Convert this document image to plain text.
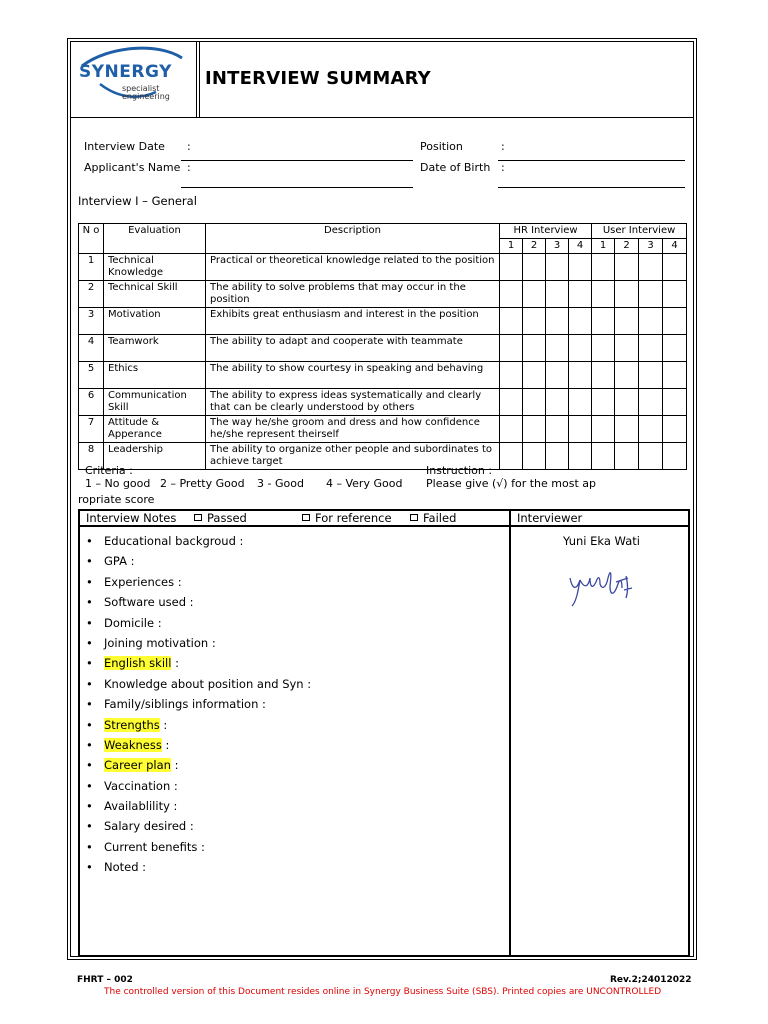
SYNERGY
specialist
engineering
INTERVIEW SUMMARY
Interview Date :
Applicant's Name :
Position	:
Date of Birth :
Interview I – General
N o	Evaluation	Description	HR Interview				User Interview			
			1	2	3	4	1	2	3	4
1	Technical Knowledge	Practical or theoretical knowledge related to the position								
2	Technical Skill	The ability to solve problems that may occur in the position								
3	Motivation	Exhibits great enthusiasm and interest in the position								
4	Teamwork	The ability to adapt and cooperate with teammate								
5	Ethics	The ability to show courtesy in speaking and behaving								
6	Communication Skill	The ability to express ideas systematically and clearly that can be clearly understood by others								
7	Attitude & Apperance	The way he/she groom and dress and how confidence he/she represent theirself								
8	Leadership	The ability to organize other people and subordinates to achieve target								
Criteria :
1 – No good 2 – Pretty Good 3 - Good 4 – Very Good
Instruction :
Please give (√) for the most ap
ropriate score
Interview Notes	Passed	For reference	Failed	Interviewer
• Educational backgroud :
• GPA :
• Experiences :
• Software used :
• Domicile :
• Joining motivation :
• English skill :
• Knowledge about position and Syn :
• Family/siblings information :
• Strengths :
• Weakness :
• Career plan :
• Vaccination :
• Availablility :
• Salary desired :
• Current benefits :
• Noted :
Yuni Eka Wati
FHRT – 002	Rev.2;24012022
The controlled version of this Document resides online in Synergy Business Suite (SBS). Printed copies are UNCONTROLLED
